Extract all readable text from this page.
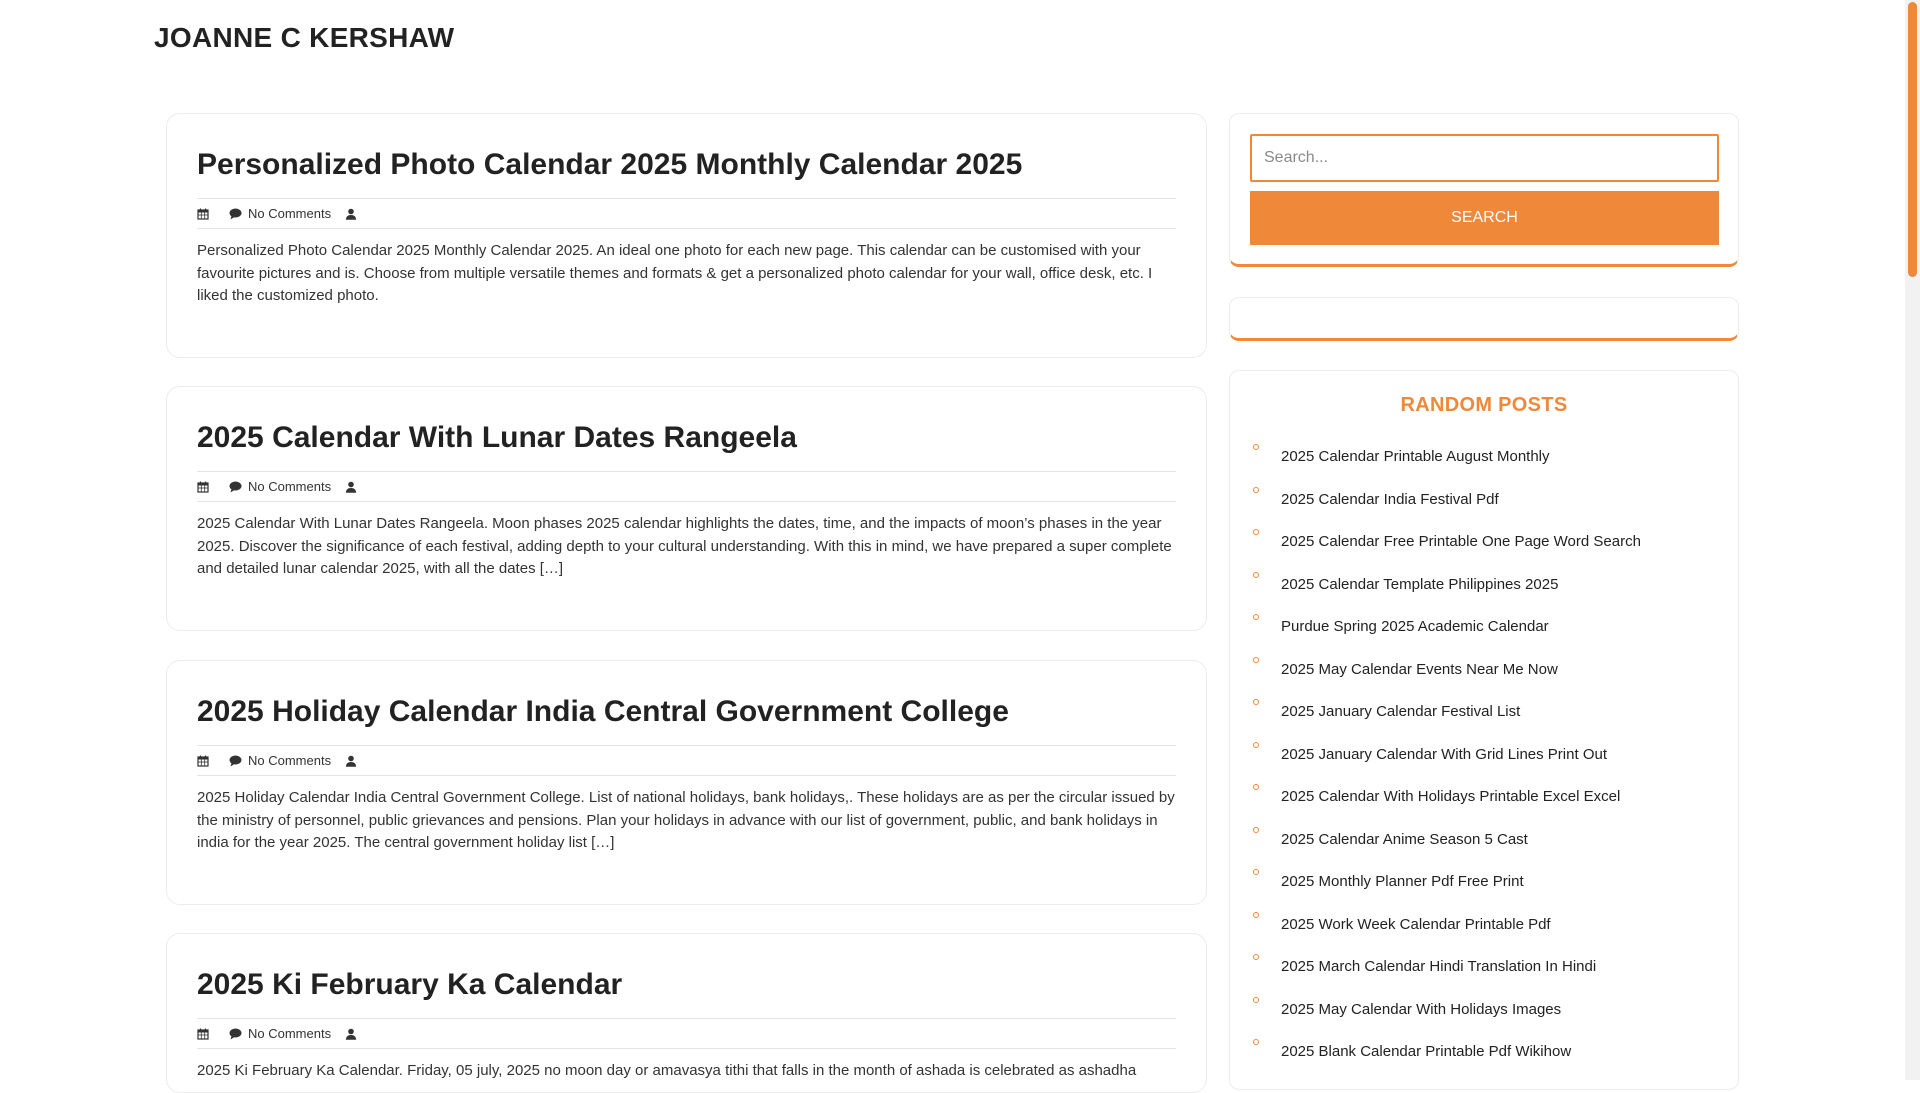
JOANNE C KERSHAW
Personalized Photo Calendar 2025 Monthly Calendar 2025
No Comments

Personalized Photo Calendar 2025 Monthly Calendar 2025. An ideal one photo for each new page. This calendar can be customised with your favourite pictures and is. Choose from multiple versatile themes and formats & get a personalized photo calendar for your wall, office desk, etc. I liked the customized photo.

2025 Calendar With Lunar Dates Rangeela
No Comments

2025 Calendar With Lunar Dates Rangeela. Moon phases 2025 calendar highlights the dates, time, and the impacts of moon’s phases in the year 2025. Discover the significance of each festival, adding depth to your cultural understanding. With this in mind, we have prepared a super complete and detailed lunar calendar 2025, with all the dates […]

2025 Holiday Calendar India Central Government College
No Comments

2025 Holiday Calendar India Central Government College. List of national holidays, bank holidays,. These holidays are as per the circular issued by the ministry of personnel, public grievances and pensions. Plan your holidays in advance with our list of government, public, and bank holidays in india for the year 2025. The central government holiday list […]

2025 Ki February Ka Calendar
No Comments

2025 Ki February Ka Calendar. Friday, 05 july, 2025 no moon day or amavasya tithi that falls in the month of ashada is celebrated as ashadha

Search...
SEARCH
RANDOM POSTS
2025 Calendar Printable August Monthly
2025 Calendar India Festival Pdf
2025 Calendar Free Printable One Page Word Search
2025 Calendar Template Philippines 2025
Purdue Spring 2025 Academic Calendar
2025 May Calendar Events Near Me Now
2025 January Calendar Festival List
2025 January Calendar With Grid Lines Print Out
2025 Calendar With Holidays Printable Excel Excel
2025 Calendar Anime Season 5 Cast
2025 Monthly Planner Pdf Free Print
2025 Work Week Calendar Printable Pdf
2025 March Calendar Hindi Translation In Hindi
2025 May Calendar With Holidays Images
2025 Blank Calendar Printable Pdf Wikihow
